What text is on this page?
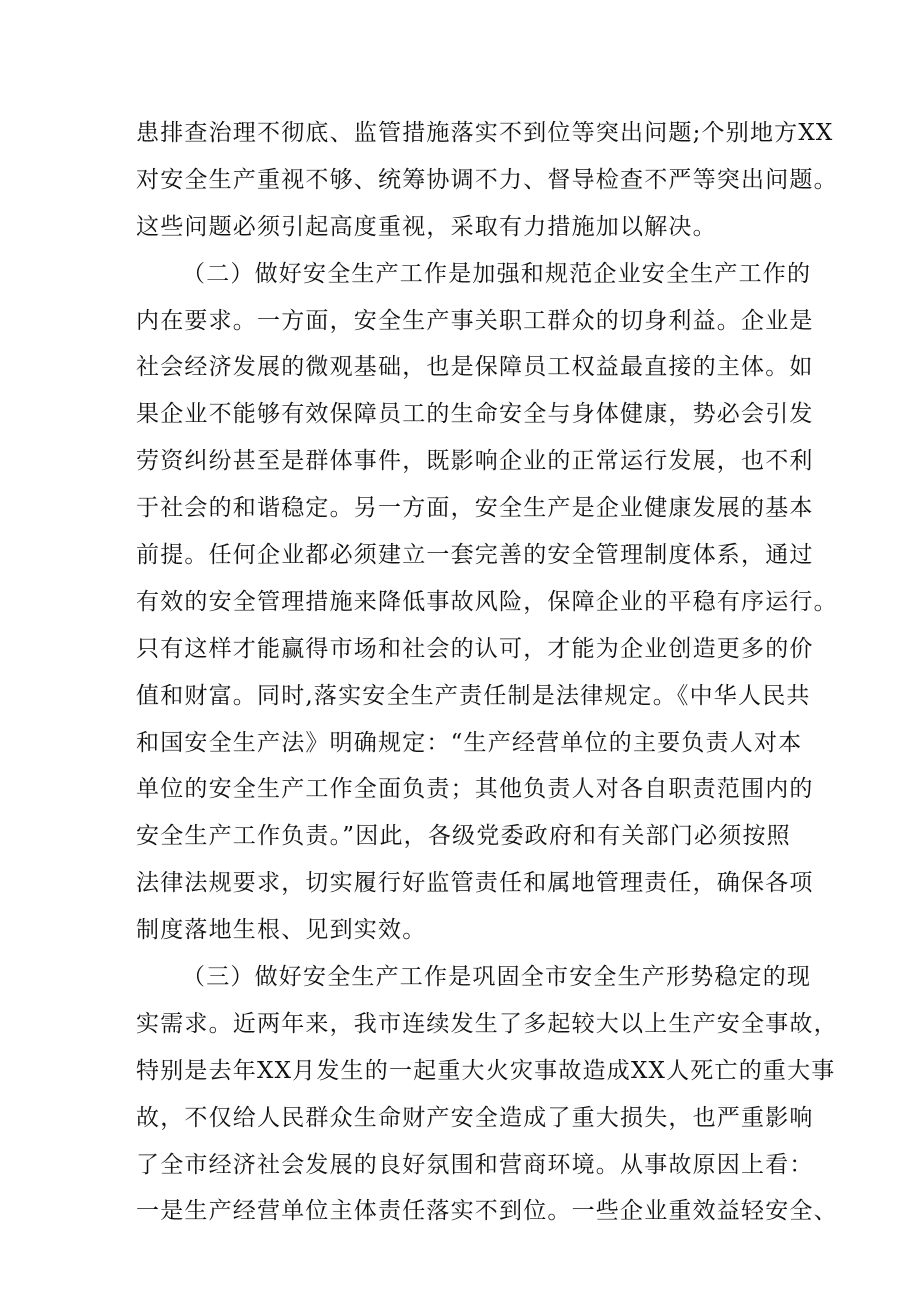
患排查治理不彻底、监管措施落实不到位等突出问题;个别地方XX
对安全生产重视不够、统筹协调不力、督导检查不严等突出问题。
这些问题必须引起高度重视，采取有力措施加以解决。
（二）做好安全生产工作是加强和规范企业安全生产工作的
内在要求。一方面，安全生产事关职工群众的切身利益。企业是
社会经济发展的微观基础，也是保障员工权益最直接的主体。如
果企业不能够有效保障员工的生命安全与身体健康，势必会引发
劳资纠纷甚至是群体事件，既影响企业的正常运行发展，也不利
于社会的和谐稳定。另一方面，安全生产是企业健康发展的基本
前提。任何企业都必须建立一套完善的安全管理制度体系，通过
有效的安全管理措施来降低事故风险，保障企业的平稳有序运行。
只有这样才能赢得市场和社会的认可，才能为企业创造更多的价
值和财富。同时,落实安全生产责任制是法律规定。《中华人民共
和国安全生产法》明确规定：“生产经营单位的主要负责人对本
单位的安全生产工作全面负责；其他负责人对各自职责范围内的
安全生产工作负责。”因此，各级党委政府和有关部门必须按照
法律法规要求，切实履行好监管责任和属地管理责任，确保各项
制度落地生根、见到实效。
（三）做好安全生产工作是巩固全市安全生产形势稳定的现
实需求。近两年来，我市连续发生了多起较大以上生产安全事故，
特别是去年XX月发生的一起重大火灾事故造成XX人死亡的重大事
故，不仅给人民群众生命财产安全造成了重大损失，也严重影响
了全市经济社会发展的良好氛围和营商环境。从事故原因上看：
一是生产经营单位主体责任落实不到位。一些企业重效益轻安全、
